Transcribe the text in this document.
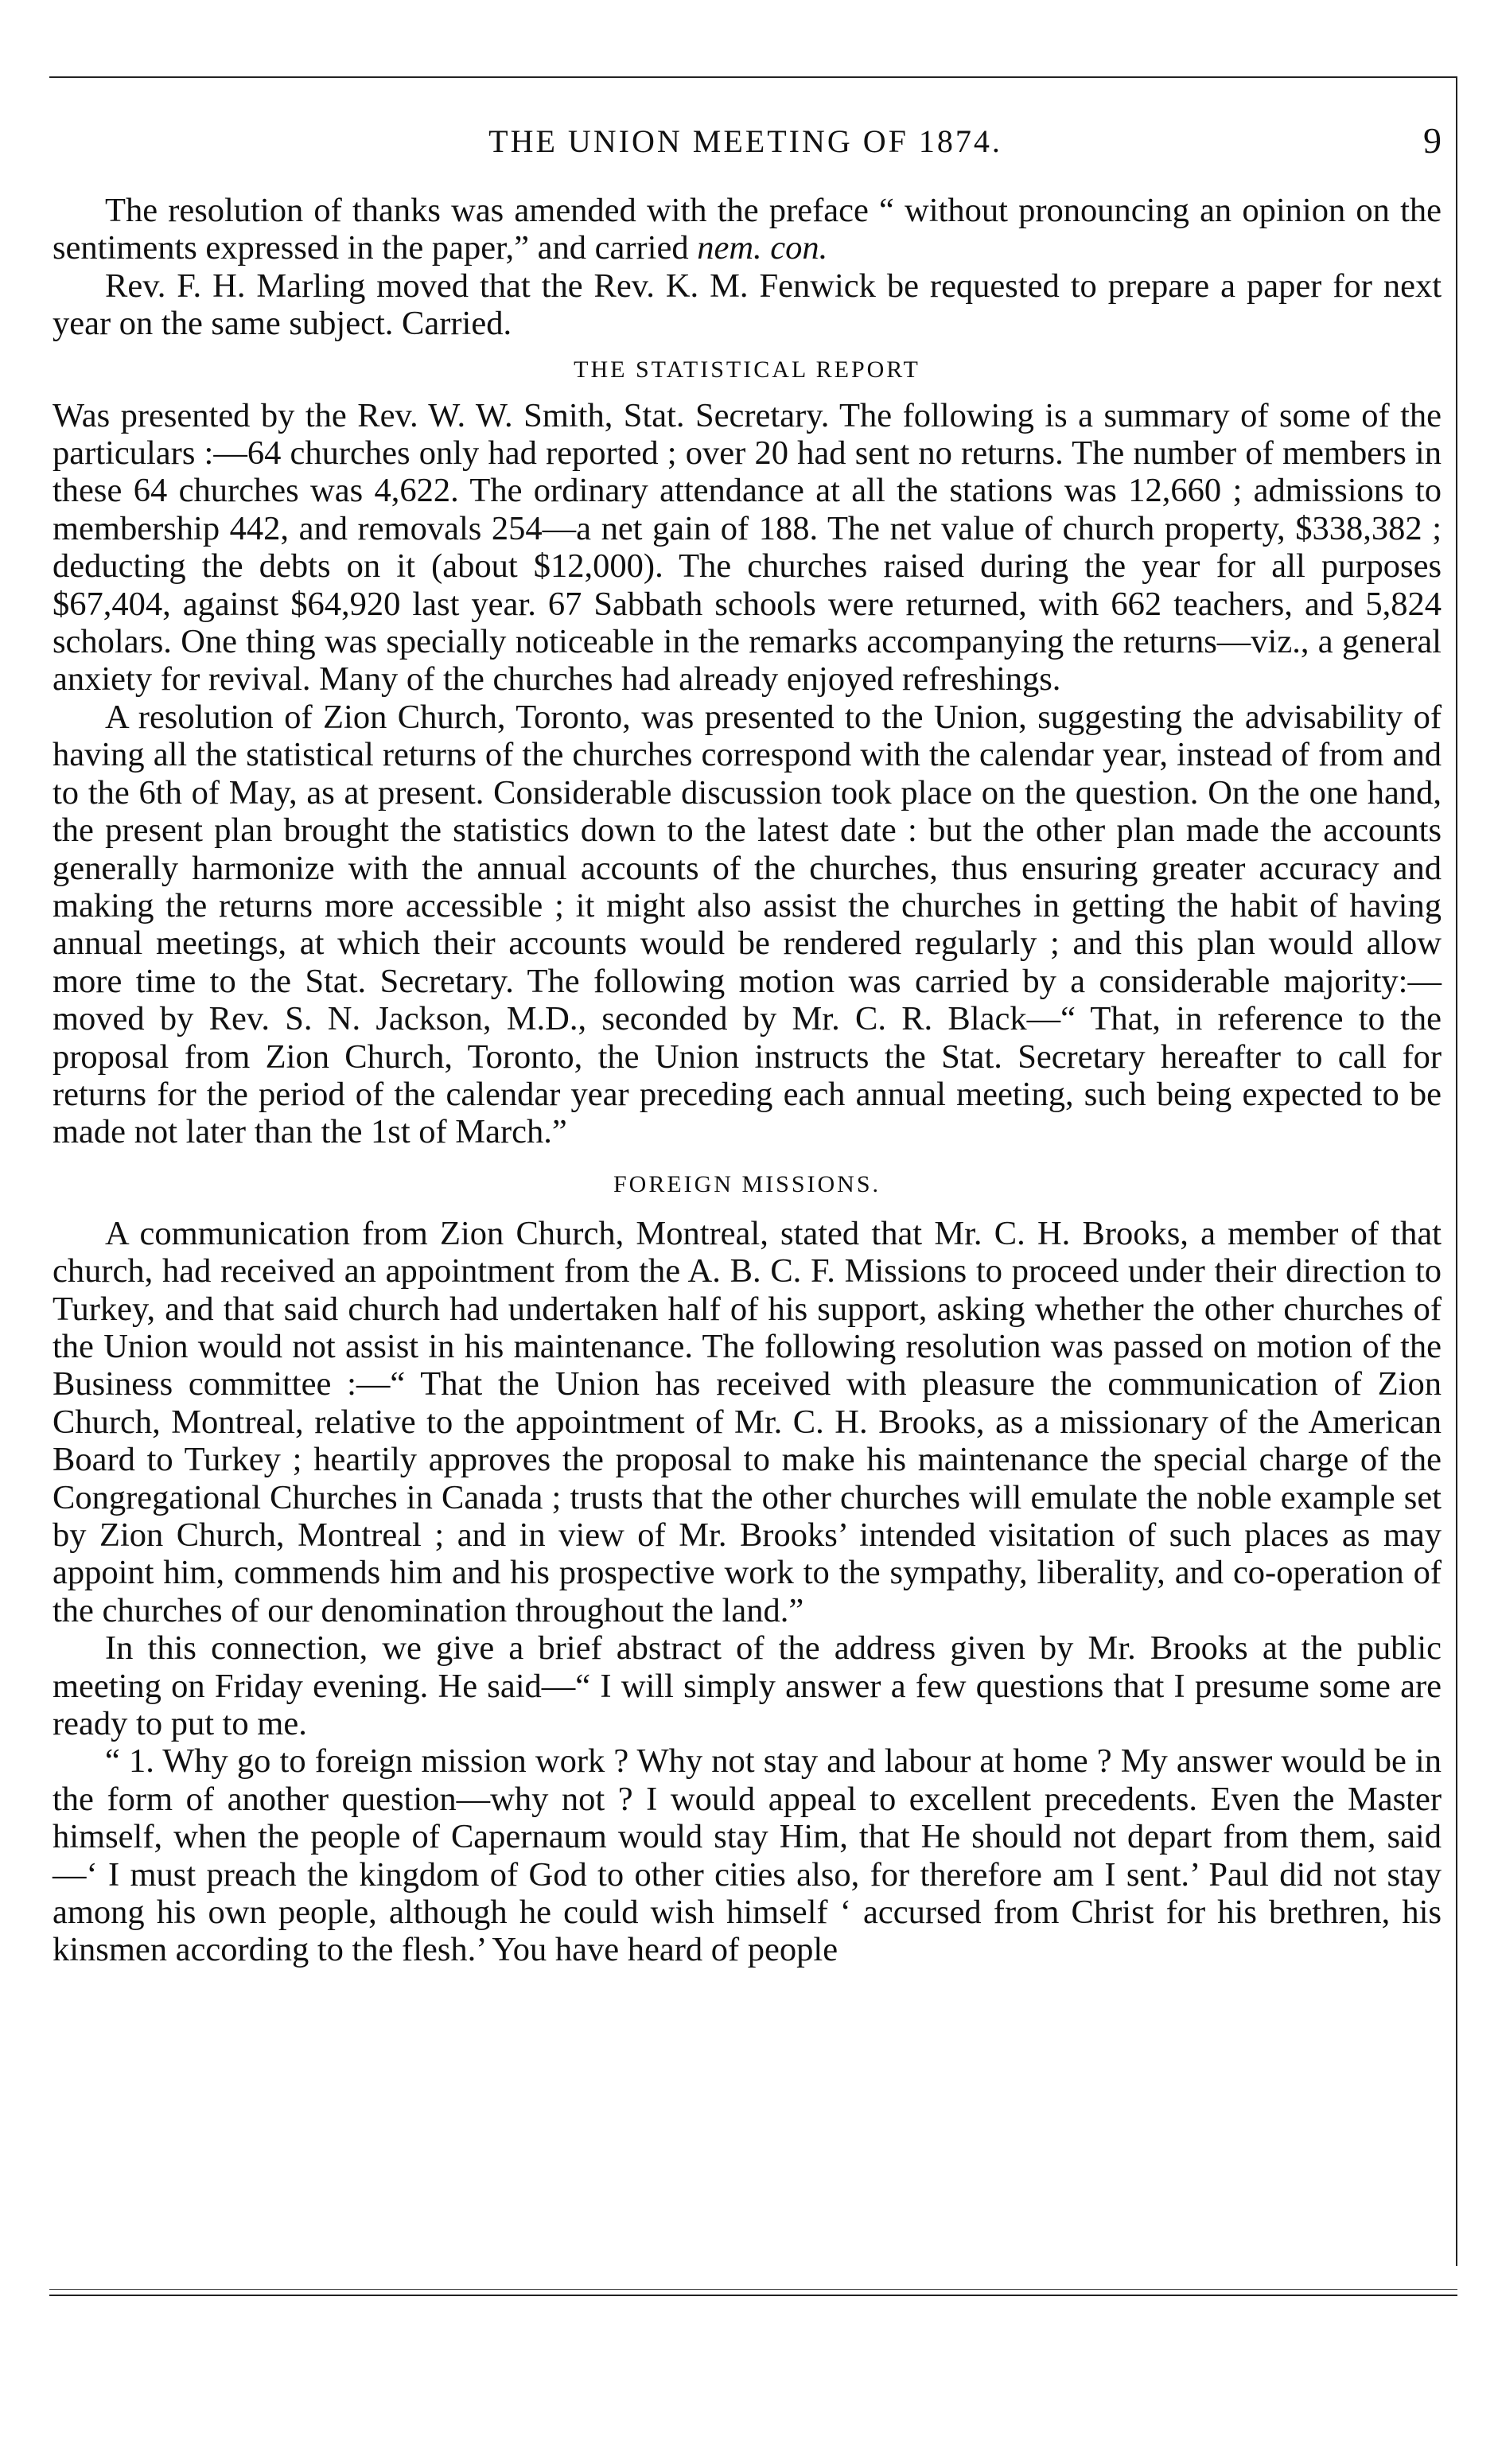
THE UNION MEETING OF 1874.	9

The resolution of thanks was amended with the preface “ without pronouncing an opinion on the sentiments expressed in the paper,” and carried nem. con.

Rev. F. H. Marling moved that the Rev. K. M. Fenwick be requested to prepare a paper for next year on the same subject. Carried.

THE STATISTICAL REPORT

Was presented by the Rev. W. W. Smith, Stat. Secretary. The following is a summary of some of the particulars :—64 churches only had reported ; over 20 had sent no returns. The number of members in these 64 churches was 4,622. The ordinary attendance at all the stations was 12,660 ; admissions to membership 442, and removals 254—a net gain of 188. The net value of church property, $338,382 ; deducting the debts on it (about $12,000). The churches raised during the year for all purposes $67,404, against $64,920 last year. 67 Sabbath schools were returned, with 662 teachers, and 5,824 scholars. One thing was specially noticeable in the remarks accompanying the returns—viz., a general anxiety for revival. Many of the churches had already enjoyed refreshings.

A resolution of Zion Church, Toronto, was presented to the Union, suggesting the advisability of having all the statistical returns of the churches correspond with the calendar year, instead of from and to the 6th of May, as at present. Considerable discussion took place on the question. On the one hand, the present plan brought the statistics down to the latest date : but the other plan made the accounts generally harmonize with the annual accounts of the churches, thus ensuring greater accuracy and making the returns more accessible ; it might also assist the churches in getting the habit of having annual meetings, at which their accounts would be rendered regularly ; and this plan would allow more time to the Stat. Secretary. The following motion was carried by a considerable majority:—moved by Rev. S. N. Jackson, M.D., seconded by Mr. C. R. Black—“ That, in reference to the proposal from Zion Church, Toronto, the Union instructs the Stat. Secretary hereafter to call for returns for the period of the calendar year preceding each annual meeting, such being expected to be made not later than the 1st of March.”

FOREIGN MISSIONS.

A communication from Zion Church, Montreal, stated that Mr. C. H. Brooks, a member of that church, had received an appointment from the A. B. C. F. Missions to proceed under their direction to Turkey, and that said church had undertaken half of his support, asking whether the other churches of the Union would not assist in his maintenance. The following resolution was passed on motion of the Business committee :—“ That the Union has received with pleasure the communication of Zion Church, Montreal, relative to the appointment of Mr. C. H. Brooks, as a missionary of the American Board to Turkey ; heartily approves the proposal to make his maintenance the special charge of the Congregational Churches in Canada ; trusts that the other churches will emulate the noble example set by Zion Church, Montreal ; and in view of Mr. Brooks’ intended visitation of such places as may appoint him, commends him and his prospective work to the sympathy, liberality, and co-operation of the churches of our denomination throughout the land.”

In this connection, we give a brief abstract of the address given by Mr. Brooks at the public meeting on Friday evening. He said—“ I will simply answer a few questions that I presume some are ready to put to me.

“ 1. Why go to foreign mission work ? Why not stay and labour at home ? My answer would be in the form of another question—why not ? I would appeal to excellent precedents. Even the Master himself, when the people of Capernaum would stay Him, that He should not depart from them, said—‘ I must preach the kingdom of God to other cities also, for therefore am I sent.’ Paul did not stay among his own people, although he could wish himself ‘ accursed from Christ for his brethren, his kinsmen according to the flesh.’ You have heard of people
